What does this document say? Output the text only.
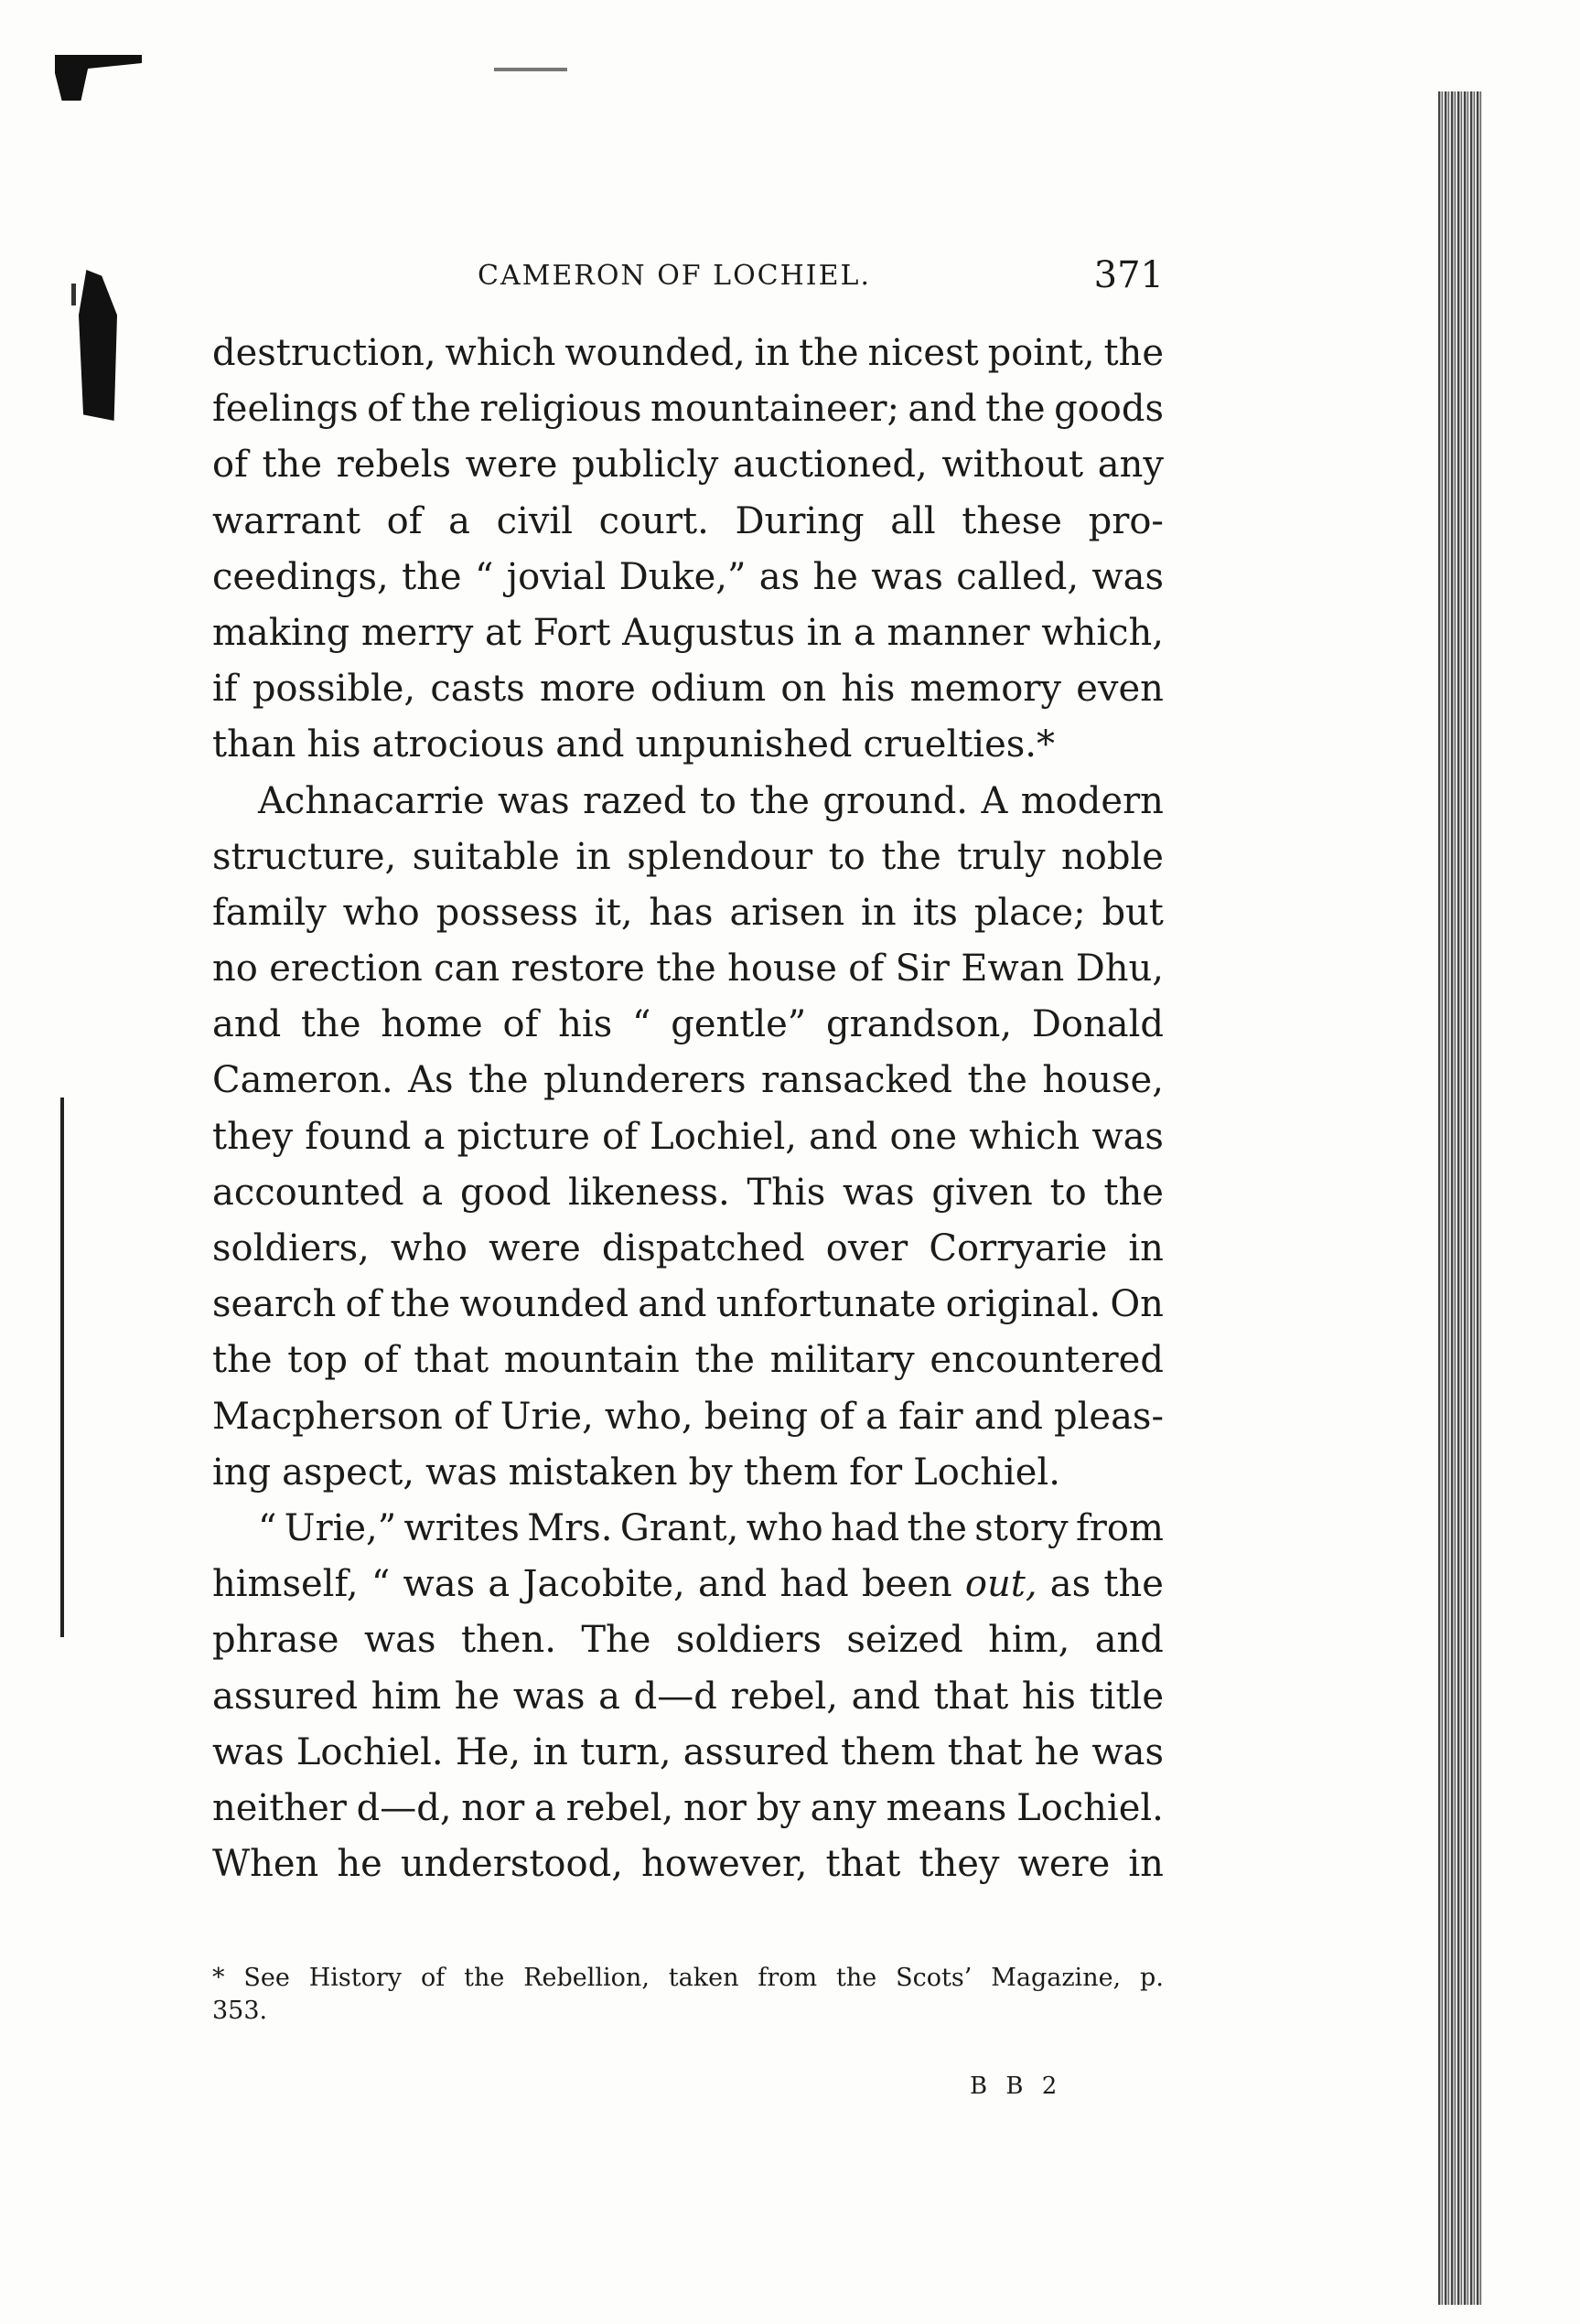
CAMERON OF LOCHIEL.	371
destruction, which wounded, in the nicest point, the
feelings of the religious mountaineer; and the goods
of the rebels were publicly auctioned, without any
warrant of a civil court. During all these pro-
ceedings, the “ jovial Duke,” as he was called, was
making merry at Fort Augustus in a manner which,
if possible, casts more odium on his memory even
than his atrocious and unpunished cruelties.*
Achnacarrie was razed to the ground. A modern
structure, suitable in splendour to the truly noble
family who possess it, has arisen in its place; but
no erection can restore the house of Sir Ewan Dhu,
and the home of his “ gentle” grandson, Donald
Cameron. As the plunderers ransacked the house,
they found a picture of Lochiel, and one which was
accounted a good likeness. This was given to the
soldiers, who were dispatched over Corryarie in
search of the wounded and unfortunate original. On
the top of that mountain the military encountered
Macpherson of Urie, who, being of a fair and pleas-
ing aspect, was mistaken by them for Lochiel.
“ Urie,” writes Mrs. Grant, who had the story from
himself, “ was a Jacobite, and had been out, as the
phrase was then. The soldiers seized him, and
assured him he was a d—d rebel, and that his title
was Lochiel. He, in turn, assured them that he was
neither d—d, nor a rebel, nor by any means Lochiel.
When he understood, however, that they were in
* See History of the Rebellion, taken from the Scots’ Magazine, p.
353.
B B 2
